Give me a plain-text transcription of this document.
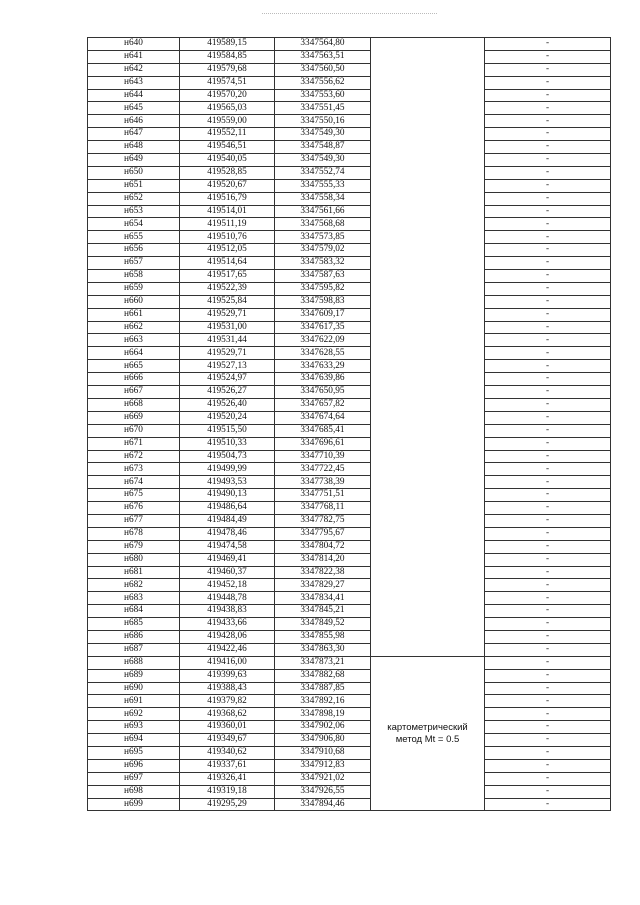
н640	419589,15	3347564,80		-
н641	419584,85	3347563,51		-
н642	419579,68	3347560,50		-
н643	419574,51	3347556,62		-
н644	419570,20	3347553,60		-
н645	419565,03	3347551,45		-
н646	419559,00	3347550,16		-
н647	419552,11	3347549,30		-
н648	419546,51	3347548,87		-
н649	419540,05	3347549,30		-
н650	419528,85	3347552,74		-
н651	419520,67	3347555,33		-
н652	419516,79	3347558,34		-
н653	419514,01	3347561,66		-
н654	419511,19	3347568,68		-
н655	419510,76	3347573,85		-
н656	419512,05	3347579,02		-
н657	419514,64	3347583,32		-
н658	419517,65	3347587,63		-
н659	419522,39	3347595,82		-
н660	419525,84	3347598,83		-
н661	419529,71	3347609,17		-
н662	419531,00	3347617,35		-
н663	419531,44	3347622,09		-
н664	419529,71	3347628,55		-
н665	419527,13	3347633,29		-
н666	419524,97	3347639,86		-
н667	419526,27	3347650,95		-
н668	419526,40	3347657,82		-
н669	419520,24	3347674,64		-
н670	419515,50	3347685,41		-
н671	419510,33	3347696,61		-
н672	419504,73	3347710,39		-
н673	419499,99	3347722,45		-
н674	419493,53	3347738,39		-
н675	419490,13	3347751,51		-
н676	419486,64	3347768,11		-
н677	419484,49	3347782,75		-
н678	419478,46	3347795,67		-
н679	419474,58	3347804,72		-
н680	419469,41	3347814,20		-
н681	419460,37	3347822,38		-
н682	419452,18	3347829,27		-
н683	419448,78	3347834,41		-
н684	419438,83	3347845,21		-
н685	419433,66	3347849,52		-
н686	419428,06	3347855,98		-
н687	419422,46	3347863,30		-
н688	419416,00	3347873,21	картометрический метод Mt = 0.5	-
н689	419399,63	3347882,68		-
н690	419388,43	3347887,85		-
н691	419379,82	3347892,16		-
н692	419368,62	3347898,19		-
н693	419360,01	3347902,06		-
н694	419349,67	3347906,80		-
н695	419340,62	3347910,68		-
н696	419337,61	3347912,83		-
н697	419326,41	3347921,02		-
н698	419319,18	3347926,55		-
н699	419295,29	3347894,46		-
